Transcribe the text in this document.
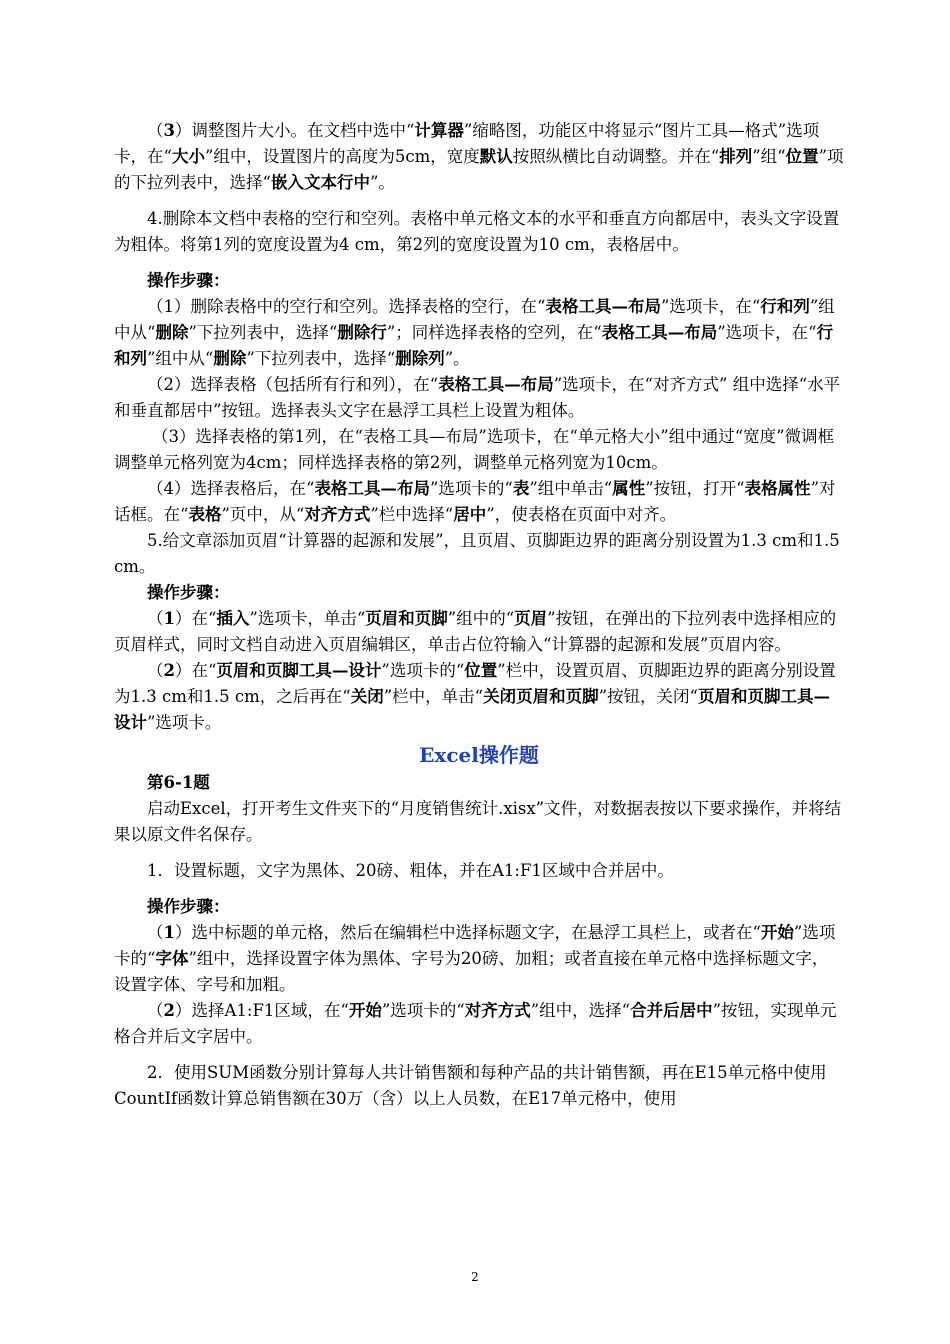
（3）调整图片大小。在文档中选中“计算器”缩略图，功能区中将显示“图片工具—格式”选项卡，在“大小”组中，设置图片的高度为5cm，宽度默认按照纵横比自动调整。并在“排列”组“位置”项的下拉列表中，选择“嵌入文本行中”。

4.删除本文档中表格的空行和空列。表格中单元格文本的水平和垂直方向都居中，表头文字设置为粗体。将第1列的宽度设置为4 cm，第2列的宽度设置为10 cm，表格居中。

操作步骤：

（1）删除表格中的空行和空列。选择表格的空行，在“表格工具—布局”选项卡，在“行和列”组中从“删除”下拉列表中，选择“删除行”；同样选择表格的空列，在“表格工具—布局”选项卡，在“行和列”组中从“删除”下拉列表中，选择“删除列”。

（2）选择表格（包括所有行和列），在“表格工具—布局”选项卡，在“对齐方式” 组中选择“水平和垂直都居中”按钮。选择表头文字在悬浮工具栏上设置为粗体。

（3）选择表格的第1列，在“表格工具—布局”选项卡，在“单元格大小”组中通过“宽度”微调框调整单元格列宽为4cm；同样选择表格的第2列，调整单元格列宽为10cm。

（4）选择表格后，在“表格工具—布局”选项卡的“表”组中单击“属性”按钮，打开“表格属性”对话框。在“表格”页中，从“对齐方式”栏中选择“居中”，使表格在页面中对齐。

5.给文章添加页眉“计算器的起源和发展”，且页眉、页脚距边界的距离分别设置为1.3 cm和1.5 cm。

操作步骤：

（1）在“插入”选项卡，单击“页眉和页脚”组中的“页眉”按钮，在弹出的下拉列表中选择相应的页眉样式，同时文档自动进入页眉编辑区，单击占位符输入“计算器的起源和发展”页眉内容。

（2）在“页眉和页脚工具—设计”选项卡的“位置”栏中，设置页眉、页脚距边界的距离分别设置为1.3 cm和1.5 cm，之后再在“关闭”栏中，单击“关闭页眉和页脚”按钮，关闭“页眉和页脚工具—设计”选项卡。

Excel操作题

第6-1题

启动Excel，打开考生文件夹下的“月度销售统计.xisx”文件，对数据表按以下要求操作，并将结果以原文件名保存。

1．设置标题，文字为黑体、20磅、粗体，并在A1:F1区域中合并居中。

操作步骤：

（1）选中标题的单元格，然后在编辑栏中选择标题文字，在悬浮工具栏上，或者在“开始”选项卡的“字体”组中，选择设置字体为黑体、字号为20磅、加粗；或者直接在单元格中选择标题文字，设置字体、字号和加粗。

（2）选择A1:F1区域，在“开始”选项卡的“对齐方式”组中，选择“合并后居中”按钮，实现单元格合并后文字居中。

2．使用SUM函数分别计算每人共计销售额和每种产品的共计销售额，再在E15单元格中使用CountIf函数计算总销售额在30万（含）以上人员数，在E17单元格中，使用

2
